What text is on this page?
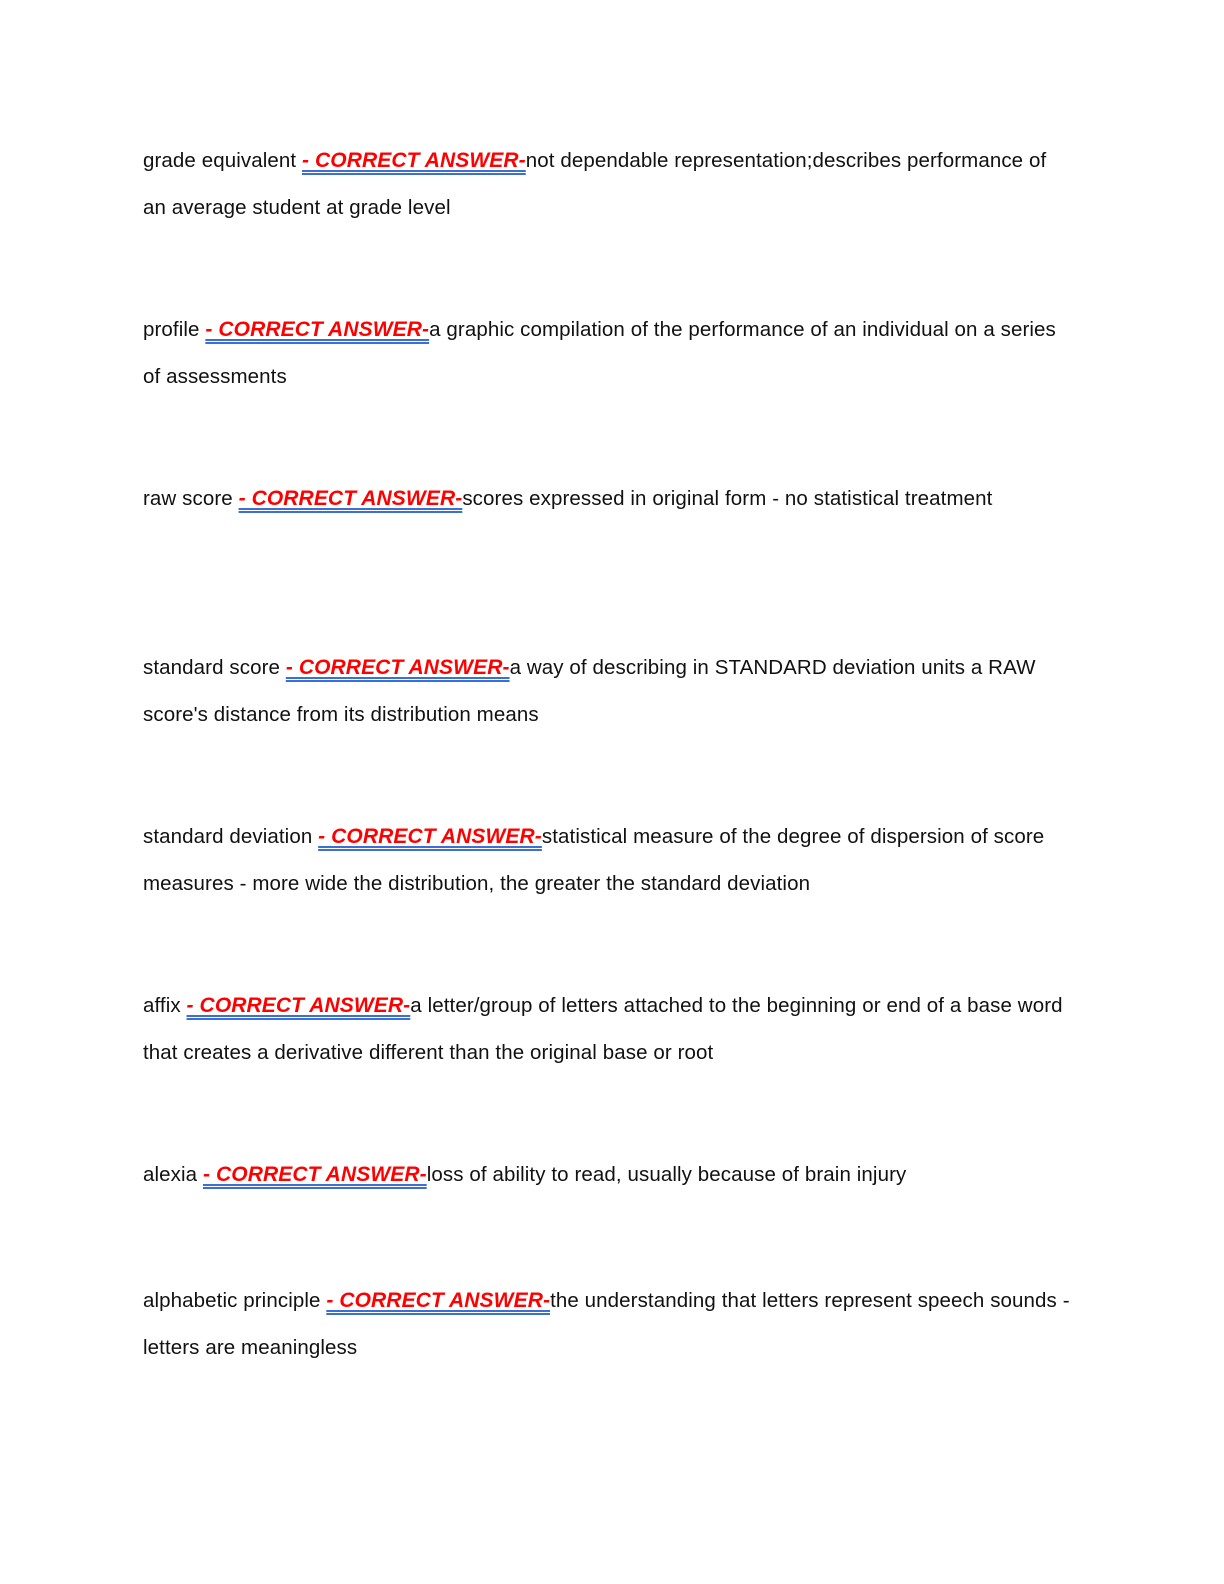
grade equivalent - CORRECT ANSWER-not dependable representation;describes performance of an average student at grade level
profile - CORRECT ANSWER-a graphic compilation of the performance of an individual on a series of assessments
raw score - CORRECT ANSWER-scores expressed in original form - no statistical treatment
standard score - CORRECT ANSWER-a way of describing in STANDARD deviation units a RAW score's distance from its distribution means
standard deviation - CORRECT ANSWER-statistical measure of the degree of dispersion of score measures - more wide the distribution, the greater the standard deviation
affix - CORRECT ANSWER-a letter/group of letters attached to the beginning or end of a base word that creates a derivative different than the original base or root
alexia - CORRECT ANSWER-loss of ability to read, usually because of brain injury
alphabetic principle - CORRECT ANSWER-the understanding that letters represent speech sounds - letters are meaningless
